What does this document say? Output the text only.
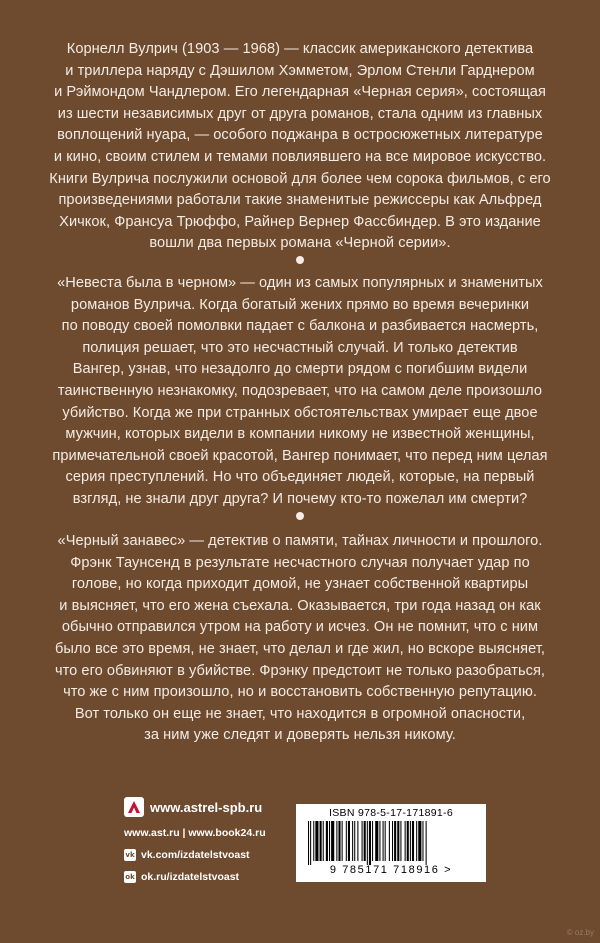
Корнелл Вулрич (1903 — 1968) — классик американского детектива
и триллера наряду с Дэшилом Хэмметом, Эрлом Стенли Гарднером
и Рэймондом Чандлером. Его легендарная «Черная серия», состоящая
из шести независимых друг от друга романов, стала одним из главных
воплощений нуара, — особого поджанра в остросюжетных литературе
и кино, своим стилем и темами повлиявшего на все мировое искусство.
Книги Вулрича послужили основой для более чем сорока фильмов, с его
произведениями работали такие знаменитые режиссеры как Альфред
Хичкок, Франсуа Трюффо, Райнер Вернер Фассбиндер. В это издание
вошли два первых романа «Черной серии».
«Невеста была в черном» — один из самых популярных и знаменитых
романов Вулрича. Когда богатый жених прямо во время вечеринки
по поводу своей помолвки падает с балкона и разбивается насмерть,
полиция решает, что это несчастный случай. И только детектив
Вангер, узнав, что незадолго до смерти рядом с погибшим видели
таинственную незнакомку, подозревает, что на самом деле произошло
убийство. Когда же при странных обстоятельствах умирает еще двое
мужчин, которых видели в компании никому не известной женщины,
примечательной своей красотой, Вангер понимает, что перед ним целая
серия преступлений. Но что объединяет людей, которые, на первый
взгляд, не знали друг друга? И почему кто-то пожелал им смерти?
«Черный занавес» — детектив о памяти, тайнах личности и прошлого.
Фрэнк Таунсенд в результате несчастного случая получает удар по
голове, но когда приходит домой, не узнает собственной квартиры
и выясняет, что его жена съехала. Оказывается, три года назад он как
обычно отправился утром на работу и исчез. Он не помнит, что с ним
было все это время, не знает, что делал и где жил, но вскоре выясняет,
что его обвиняют в убийстве. Фрэнку предстоит не только разобраться,
что же с ним произошло, но и восстановить собственную репутацию.
Вот только он еще не знает, что находится в огромной опасности,
за ним уже следят и доверять нельзя никому.
www.astrel-spb.ru
www.ast.ru | www.book24.ru
vk vk.com/izdatelstvoast
ok ok.ru/izdatelstvoast
ISBN 978-5-17-171891-6
9 785171 718916 >
© oz.by
